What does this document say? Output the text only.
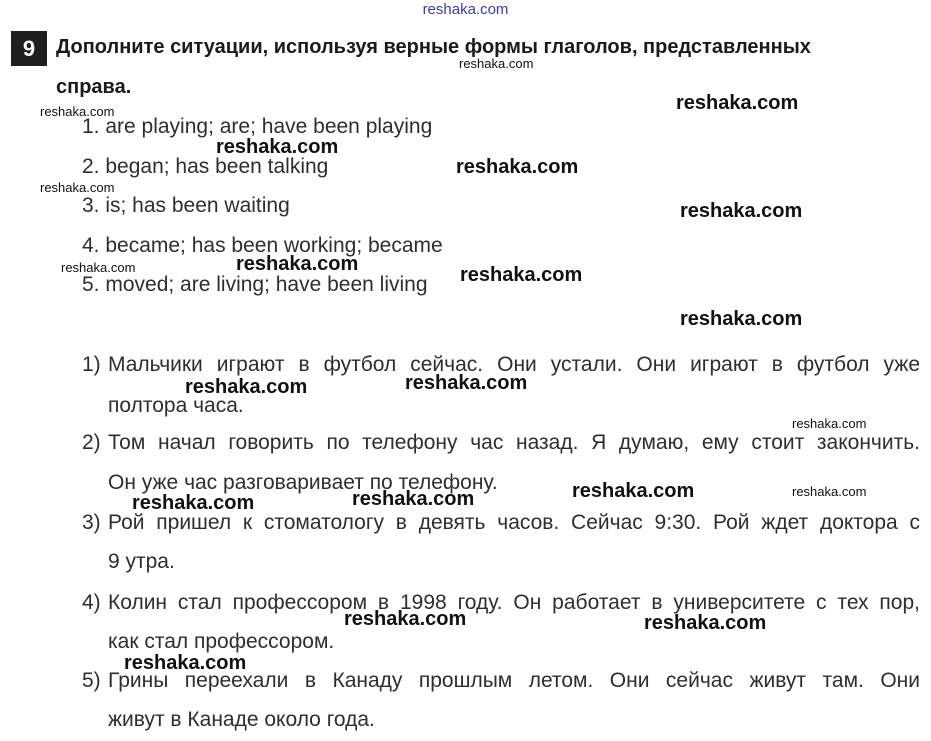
reshaka.com
9	Дополните ситуации, используя верные формы глаголов, представленных
справа.
1. are playing; are; have been playing
2. began; has been talking
3. is; has been waiting
4. became; has been working; became
5. moved; are living; have been living
1) Мальчики играют в футбол сейчас. Они устали. Они играют в футбол уже
полтора часа.
2) Том начал говорить по телефону час назад. Я думаю, ему стоит закончить.
Он уже час разговаривает по телефону.
3) Рой пришел к стоматологу в девять часов. Сейчас 9:30. Рой ждет доктора с
9 утра.
4) Колин стал профессором в 1998 году. Он работает в университете с тех пор,
как стал профессором.
5) Грины переехали в Канаду прошлым летом. Они сейчас живут там. Они
живут в Канаде около года.
reshaka.com
reshaka.com
reshaka.com
reshaka.com
reshaka.com
reshaka.com
reshaka.com
reshaka.com
reshaka.com
reshaka.com
reshaka.com	reshaka.com
reshaka.com
reshaka.com
reshaka.com
reshaka.com	reshaka.com
reshaka.com
reshaka.com	reshaka.com
reshaka.com
